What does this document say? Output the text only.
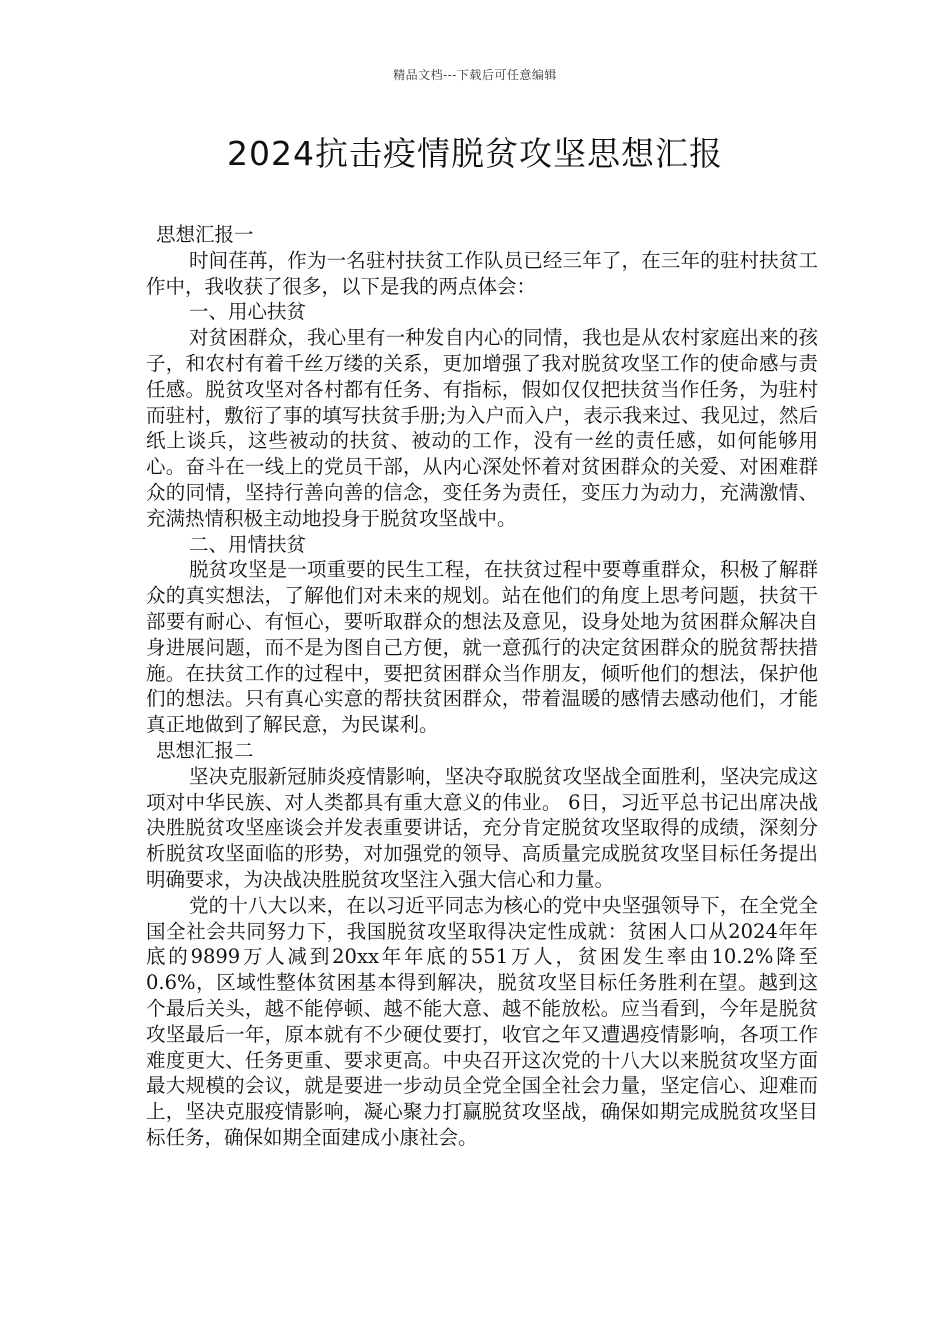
精品文档---下载后可任意编辑
2024抗击疫情脱贫攻坚思想汇报

思想汇报一

时间荏苒，作为一名驻村扶贫工作队员已经三年了，在三年的驻村扶贫工作中，我收获了很多，以下是我的两点体会：

一、用心扶贫

对贫困群众，我心里有一种发自内心的同情，我也是从农村家庭出来的孩子，和农村有着千丝万缕的关系，更加增强了我对脱贫攻坚工作的使命感与责任感。脱贫攻坚对各村都有任务、有指标，假如仅仅把扶贫当作任务，为驻村而驻村，敷衍了事的填写扶贫手册;为入户而入户，表示我来过、我见过，然后纸上谈兵，这些被动的扶贫、被动的工作，没有一丝的责任感，如何能够用心。奋斗在一线上的党员干部，从内心深处怀着对贫困群众的关爱、对困难群众的同情，坚持行善向善的信念，变任务为责任，变压力为动力，充满激情、充满热情积极主动地投身于脱贫攻坚战中。

二、用情扶贫

脱贫攻坚是一项重要的民生工程，在扶贫过程中要尊重群众，积极了解群众的真实想法，了解他们对未来的规划。站在他们的角度上思考问题，扶贫干部要有耐心、有恒心，要听取群众的想法及意见，设身处地为贫困群众解决自身进展问题，而不是为图自己方便，就一意孤行的决定贫困群众的脱贫帮扶措施。在扶贫工作的过程中，要把贫困群众当作朋友，倾听他们的想法，保护他们的想法。只有真心实意的帮扶贫困群众，带着温暖的感情去感动他们，才能真正地做到了解民意，为民谋利。

思想汇报二

坚决克服新冠肺炎疫情影响，坚决夺取脱贫攻坚战全面胜利，坚决完成这项对中华民族、对人类都具有重大意义的伟业。 6日，习近平总书记出席决战决胜脱贫攻坚座谈会并发表重要讲话，充分肯定脱贫攻坚取得的成绩，深刻分析脱贫攻坚面临的形势，对加强党的领导、高质量完成脱贫攻坚目标任务提出明确要求，为决战决胜脱贫攻坚注入强大信心和力量。

党的十八大以来，在以习近平同志为核心的党中央坚强领导下，在全党全国全社会共同努力下，我国脱贫攻坚取得决定性成就：贫困人口从2024年年底的9899万人减到20xx年年底的551万人，贫困发生率由10.2%降至0.6%，区域性整体贫困基本得到解决，脱贫攻坚目标任务胜利在望。越到这个最后关头，越不能停顿、越不能大意、越不能放松。应当看到，今年是脱贫攻坚最后一年，原本就有不少硬仗要打，收官之年又遭遇疫情影响，各项工作难度更大、任务更重、要求更高。中央召开这次党的十八大以来脱贫攻坚方面最大规模的会议，就是要进一步动员全党全国全社会力量，坚定信心、迎难而上，坚决克服疫情影响，凝心聚力打赢脱贫攻坚战，确保如期完成脱贫攻坚目标任务，确保如期全面建成小康社会。
